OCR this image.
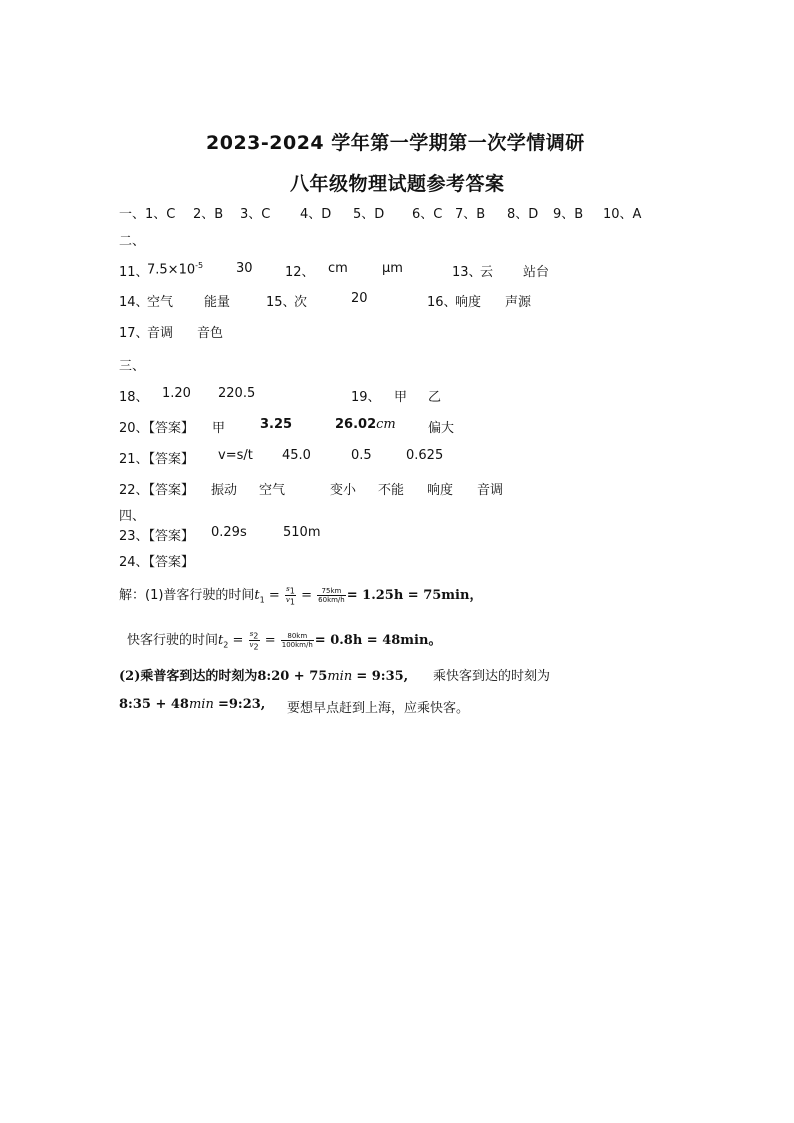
2023-2024 学年第一学期第一次学情调研
八年级物理试题参考答案
一、1、C 2、B 3、C 4、D 5、D 6、C 7、B 8、D 9、B 10、A
二、
11、
$7.5\times 10^{-5}$	30 12、 cm	μm	13、
云 站台
14、
空气 能量	15、
次	20	16、
响度 声源
17、
音调 音色
三、
18、 1.20 220.5	19、 甲 乙
20、【答案】 甲	3.25	26.02cm 偏大
21、【答案】 v=s/t 45.0	0.5	0.625
22、【答案】 振动 空气	变小 不能 响度 音调
四、
23、【答案】 0.29s	510m
24、【答案】
解：(1)普客行驶的时间$t_1 = \frac{s_1}{v_1} = \frac{75km}{60km/h} = 1.25h = 75\min$，
快客行驶的时间$t_2 = \frac{s_2}{v_2} = \frac{80km}{100km/h} = 0.8h = 48\min$。
(2)乘普客到达的时刻为8:20 + 75min = 9:35, 乘快客到达的时刻为
8:35 + 48min =9:23, 要想早点赶到上海，应乘快客。
